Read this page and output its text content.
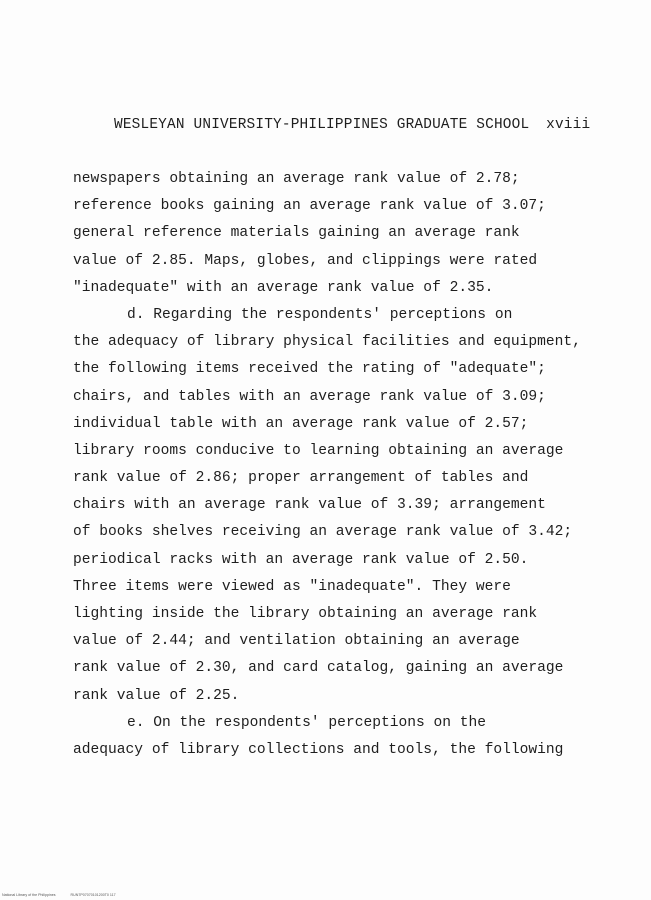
WESLEYAN UNIVERSITY-PHILIPPINES GRADUATE SCHOOL xviii
newspapers obtaining an average rank value of 2.78;
reference books gaining an average rank value of 3.07;
general reference materials gaining an average rank
value of 2.85. Maps, globes, and clippings were rated
"inadequate" with an average rank value of 2.35.
d. Regarding the respondents' perceptions on
the adequacy of library physical facilities and equipment,
the following items received the rating of "adequate";
chairs, and tables with an average rank value of 3.09;
individual table with an average rank value of 2.57;
library rooms conducive to learning obtaining an average
rank value of 2.86; proper arrangement of tables and
chairs with an average rank value of 3.39; arrangement
of books shelves receiving an average rank value of 3.42;
periodical racks with an average rank value of 2.50.
Three items were viewed as "inadequate". They were
lighting inside the library obtaining an average rank
value of 2.44; and ventilation obtaining an average
rank value of 2.30, and card catalog, gaining an average
rank value of 2.25.
e. On the respondents' perceptions on the
adequacy of library collections and tools, the following
National Library of the Philippines	RUN7P07070101200T0 117
